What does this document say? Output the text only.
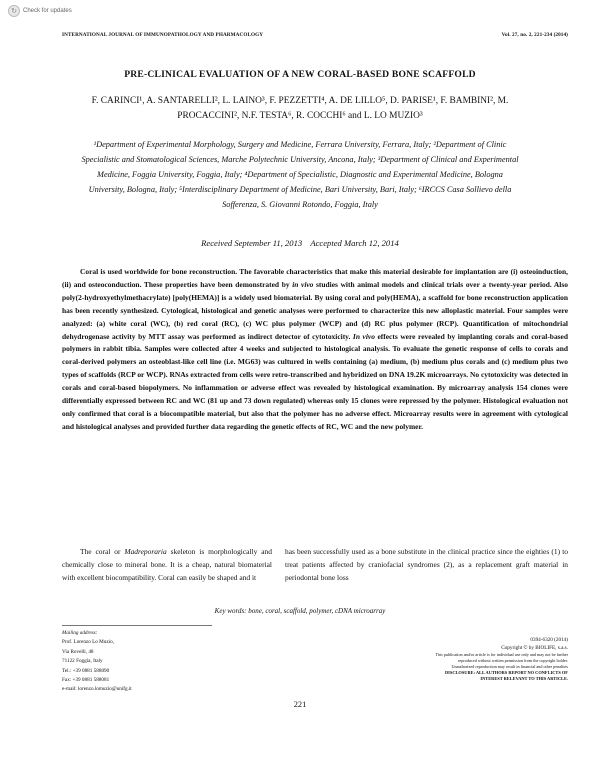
↻	Check for updates
INTERNATIONAL JOURNAL OF IMMUNOPATHOLOGY AND PHARMACOLOGY	Vol. 27, no. 2, 221-234 (2014)
PRE-CLINICAL EVALUATION OF A NEW CORAL-BASED BONE SCAFFOLD
F. CARINCI¹, A. SANTARELLI², L. LAINO³, F. PEZZETTI⁴, A. DE LILLO⁵, D. PARISE¹, F. BAMBINI², M. PROCACCINI², N.F. TESTA⁶, R. COCCHI⁶ and L. LO MUZIO³
¹Department of Experimental Morphology, Surgery and Medicine, Ferrara University, Ferrara, Italy; ²Department of Clinic Specialistic and Stomatological Sciences, Marche Polytechnic University, Ancona, Italy; ³Department of Clinical and Experimental Medicine, Foggia University, Foggia, Italy; ⁴Department of Specialistic, Diagnostic and Experimental Medicine, Bologna University, Bologna, Italy; ⁵Interdisciplinary Department of Medicine, Bari University, Bari, Italy; ⁶IRCCS Casa Sollievo della Sofferenza, S. Giovanni Rotondo, Foggia, Italy
Received September 11, 2013 Accepted March 12, 2014
Coral is used worldwide for bone reconstruction. The favorable characteristics that make this material desirable for implantation are (i) osteoinduction, (ii) and osteoconduction. These properties have been demonstrated by in vivo studies with animal models and clinical trials over a twenty-year period. Also poly(2-hydroxyethylmethacrylate) [poly(HEMA)] is a widely used biomaterial. By using coral and poly(HEMA), a scaffold for bone reconstruction application has been recently synthesized. Cytological, histological and genetic analyses were performed to characterize this new alloplastic material. Four samples were analyzed: (a) white coral (WC), (b) red coral (RC), (c) WC plus polymer (WCP) and (d) RC plus polymer (RCP). Quantification of mitochondrial dehydrogenase activity by MTT assay was performed as indirect detector of cytotoxicity. In vivo effects were revealed by implanting corals and coral-based polymers in rabbit tibia. Samples were collected after 4 weeks and subjected to histological analysis. To evaluate the genetic response of cells to corals and coral-derived polymers an osteoblast-like cell line (i.e. MG63) was cultured in wells containing (a) medium, (b) medium plus corals and (c) medium plus two types of scaffolds (RCP or WCP). RNAs extracted from cells were retro-transcribed and hybridized on DNA 19.2K microarrays. No cytotoxicity was detected in corals and coral-based biopolymers. No inflammation or adverse effect was revealed by histological examination. By microarray analysis 154 clones were differentially expressed between RC and WC (81 up and 73 down regulated) whereas only 15 clones were repressed by the polymer. Histological evaluation not only confirmed that coral is a biocompatible material, but also that the polymer has no adverse effect. Microarray results were in agreement with cytological and histological analyses and provided further data regarding the genetic effects of RC, WC and the new polymer.
The coral or Madreporaria skeleton is morphologically and chemically close to mineral bone. It is a cheap, natural biomaterial with excellent biocompatibility. Coral can easily be shaped and it
has been successfully used as a bone substitute in the clinical practice since the eighties (1) to treat patients affected by craniofacial syndromes (2), as a replacement graft material in periodontal bone loss
Key words: bone, coral, scaffold, polymer, cDNA microarray
Mailing address:
Prof. Lorenzo Lo Muzio,
Via Rovelli, 48
71122 Foggia, Italy
Tel.: +39 0881 588090
Fax: +39 0881 588081
e-mail: lorenzo.lomuzio@unifg.it
221
0394-6320 (2014)
Copyright © by BIOLIFE, s.a.s.
This publication and/or article is for individual use only and may not be further
reproduced without written permission from the copyright holder.
Unauthorized reproduction may result in financial and other penalties
DISCLOSURE: ALL AUTHORS REPORT NO CONFLICTS OF
INTEREST RELEVANT TO THIS ARTICLE.
